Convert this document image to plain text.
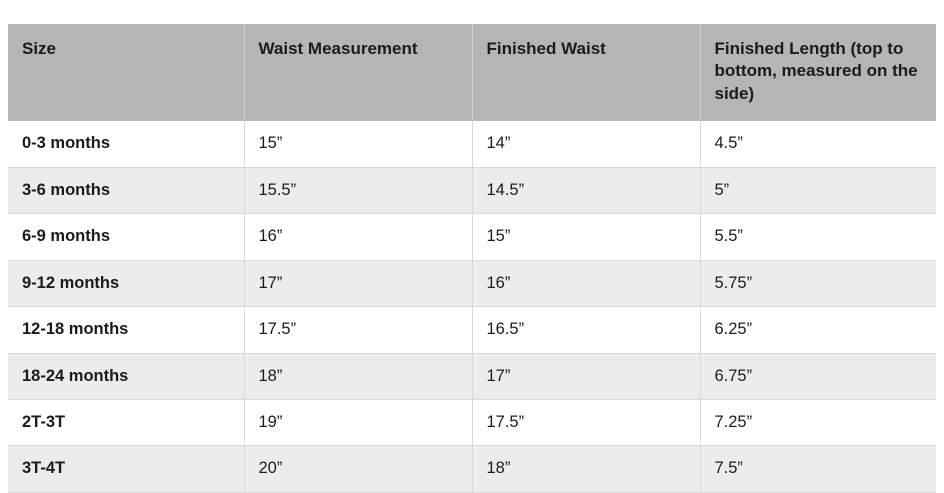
Size	Waist Measurement	Finished Waist	Finished Length (top to bottom, measured on the side)
0-3 months	15”	14”	4.5”
3-6 months	15.5”	14.5”	5”
6-9 months	16”	15”	5.5”
9-12 months	17”	16”	5.75”
12-18 months	17.5”	16.5”	6.25”
18-24 months	18”	17”	6.75”
2T-3T	19”	17.5”	7.25”
3T-4T	20”	18”	7.5”
